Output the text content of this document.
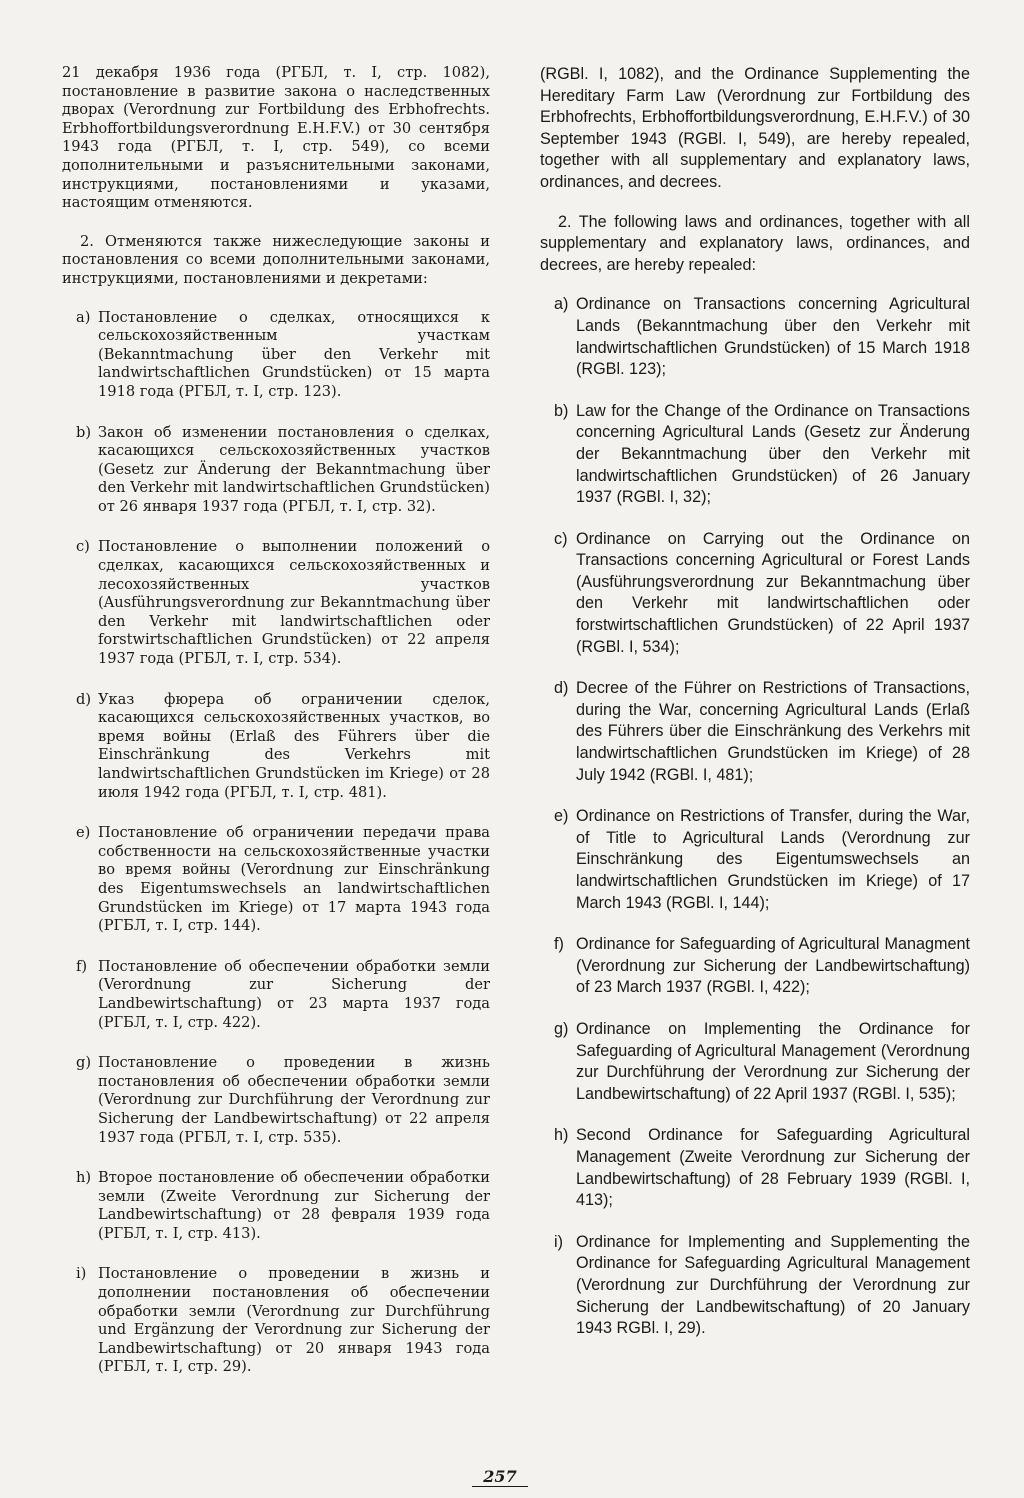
21 декабря 1936 года (РГБЛ, т. I, стр. 1082), постановление в развитие закона о наследственных дворах (Verordnung zur Fortbildung des Erbhofrechts. Erbhoffortbildungsverordnung E.H.F.V.) от 30 сентября 1943 года (РГБЛ, т. I, стр. 549), со всеми дополнительными и разъяснительными законами, инструкциями, постановлениями и указами, настоящим отменяются.

2. Отменяются также нижеследующие законы и постановления со всеми дополнительными законами, инструкциями, постановлениями и декретами:

a) Постановление о сделках, относящихся к сельскохозяйственным участкам (Bekanntmachung über den Verkehr mit landwirtschaftlichen Grundstücken) от 15 марта 1918 года (РГБЛ, т. I, стр. 123).
b) Закон об изменении постановления о сделках, касающихся сельскохозяйственных участков (Gesetz zur Änderung der Bekanntmachung über den Verkehr mit landwirtschaftlichen Grundstücken) от 26 января 1937 года (РГБЛ, т. I, стр. 32).
c) Постановление о выполнении положений о сделках, касающихся сельскохозяйственных и лесохозяйственных участков (Ausführungsverordnung zur Bekanntmachung über den Verkehr mit landwirtschaftlichen oder forstwirtschaftlichen Grundstücken) от 22 апреля 1937 года (РГБЛ, т. I, стр. 534).
d) Указ фюрера об ограничении сделок, касающихся сельскохозяйственных участков, во время войны (Erlaß des Führers über die Einschränkung des Verkehrs mit landwirtschaftlichen Grundstücken im Kriege) от 28 июля 1942 года (РГБЛ, т. I, стр. 481).
e) Постановление об ограничении передачи права собственности на сельскохозяйственные участки во время войны (Verordnung zur Einschränkung des Eigentumswechsels an landwirtschaftlichen Grundstücken im Kriege) от 17 марта 1943 года (РГБЛ, т. I, стр. 144).
f) Постановление об обеспечении обработки земли (Verordnung zur Sicherung der Landbewirtschaftung) от 23 марта 1937 года (РГБЛ, т. I, стр. 422).
g) Постановление о проведении в жизнь постановления об обеспечении обработки земли (Verordnung zur Durchführung der Verordnung zur Sicherung der Landbewirtschaftung) от 22 апреля 1937 года (РГБЛ, т. I, стр. 535).
h) Второе постановление об обеспечении обработки земли (Zweite Verordnung zur Sicherung der Landbewirtschaftung) от 28 февраля 1939 года (РГБЛ, т. I, стр. 413).
i) Постановление о проведении в жизнь и дополнении постановления об обеспечении обработки земли (Verordnung zur Durchführung und Ergänzung der Verordnung zur Sicherung der Landbewirtschaftung) от 20 января 1943 года (РГБЛ, т. I, стр. 29).

(RGBl. I, 1082), and the Ordinance Supplementing the Hereditary Farm Law (Verordnung zur Fortbildung des Erbhofrechts, Erbhoffortbildungsverordnung, E.H.F.V.) of 30 September 1943 (RGBl. I, 549), are hereby repealed, together with all supplementary and explanatory laws, ordinances, and decrees.

2. The following laws and ordinances, together with all supplementary and explanatory laws, ordinances, and decrees, are hereby repealed:

a) Ordinance on Transactions concerning Agricultural Lands (Bekanntmachung über den Verkehr mit landwirtschaftlichen Grundstücken) of 15 March 1918 (RGBl. 123);
b) Law for the Change of the Ordinance on Transactions concerning Agricultural Lands (Gesetz zur Änderung der Bekanntmachung über den Verkehr mit landwirtschaftlichen Grundstücken) of 26 January 1937 (RGBl. I, 32);
c) Ordinance on Carrying out the Ordinance on Transactions concerning Agricultural or Forest Lands (Ausführungsverordnung zur Bekanntmachung über den Verkehr mit landwirtschaftlichen oder forstwirtschaftlichen Grundstücken) of 22 April 1937 (RGBl. I, 534);
d) Decree of the Führer on Restrictions of Transactions, during the War, concerning Agricultural Lands (Erlaß des Führers über die Einschränkung des Verkehrs mit landwirtschaftlichen Grundstücken im Kriege) of 28 July 1942 (RGBl. I, 481);
e) Ordinance on Restrictions of Transfer, during the War, of Title to Agricultural Lands (Verordnung zur Einschränkung des Eigentumswechsels an landwirtschaftlichen Grundstücken im Kriege) of 17 March 1943 (RGBl. I, 144);
f) Ordinance for Safeguarding of Agricultural Managment (Verordnung zur Sicherung der Landbewirtschaftung) of 23 March 1937 (RGBl. I, 422);
g) Ordinance on Implementing the Ordinance for Safeguarding of Agricultural Management (Verordnung zur Durchführung der Verordnung zur Sicherung der Landbewirtschaftung) of 22 April 1937 (RGBl. I, 535);
h) Second Ordinance for Safeguarding Agricultural Management (Zweite Verordnung zur Sicherung der Landbewirtschaftung) of 28 February 1939 (RGBl. I, 413);
i) Ordinance for Implementing and Supplementing the Ordinance for Safeguarding Agricultural Management (Verordnung zur Durchführung der Verordnung zur Sicherung der Landbewitschaftung) of 20 January 1943 RGBl. I, 29).
257
